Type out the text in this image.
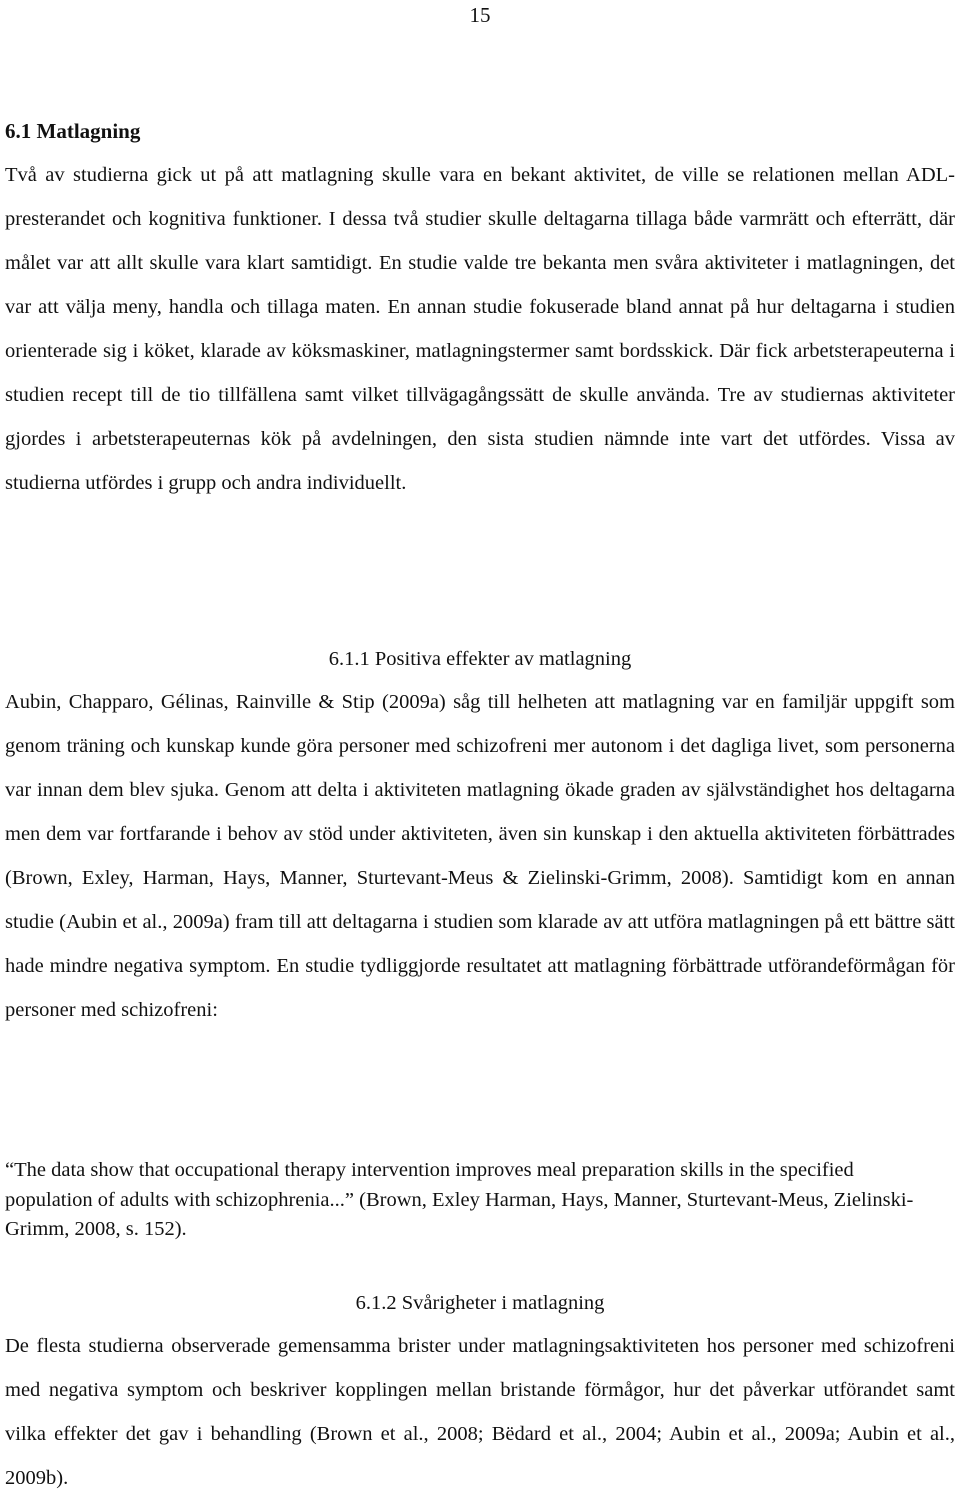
15
6.1 Matlagning

Två av studierna gick ut på att matlagning skulle vara en bekant aktivitet, de ville se relationen mellan ADL-presterandet och kognitiva funktioner. I dessa två studier skulle deltagarna tillaga både varmrätt och efterrätt, där målet var att allt skulle vara klart samtidigt. En studie valde tre bekanta men svåra aktiviteter i matlagningen, det var att välja meny, handla och tillaga maten. En annan studie fokuserade bland annat på hur deltagarna i studien orienterade sig i köket, klarade av köksmaskiner, matlagningstermer samt bordsskick. Där fick arbetsterapeuterna i studien recept till de tio tillfällena samt vilket tillvägagångssätt de skulle använda. Tre av studiernas aktiviteter gjordes i arbetsterapeuternas kök på avdelningen, den sista studien nämnde inte vart det utfördes. Vissa av studierna utfördes i grupp och andra individuellt.

6.1.1 Positiva effekter av matlagning

Aubin, Chapparo, Gélinas, Rainville & Stip (2009a) såg till helheten att matlagning var en familjär uppgift som genom träning och kunskap kunde göra personer med schizofreni mer autonom i det dagliga livet, som personerna var innan dem blev sjuka. Genom att delta i aktiviteten matlagning ökade graden av självständighet hos deltagarna men dem var fortfarande i behov av stöd under aktiviteten, även sin kunskap i den aktuella aktiviteten förbättrades (Brown, Exley, Harman, Hays, Manner, Sturtevant-Meus & Zielinski-Grimm, 2008). Samtidigt kom en annan studie (Aubin et al., 2009a) fram till att deltagarna i studien som klarade av att utföra matlagningen på ett bättre sätt hade mindre negativa symptom. En studie tydliggjorde resultatet att matlagning förbättrade utförandeförmågan för personer med schizofreni:

“The data show that occupational therapy intervention improves meal preparation skills in the specified population of adults with schizophrenia...” (Brown, Exley Harman, Hays, Manner, Sturtevant-Meus, Zielinski-Grimm, 2008, s. 152).

6.1.2 Svårigheter i matlagning

De flesta studierna observerade gemensamma brister under matlagningsaktiviteten hos personer med schizofreni med negativa symptom och beskriver kopplingen mellan bristande förmågor, hur det påverkar utförandet samt vilka effekter det gav i behandling (Brown et al., 2008; Bëdard et al., 2004; Aubin et al., 2009a; Aubin et al., 2009b).
